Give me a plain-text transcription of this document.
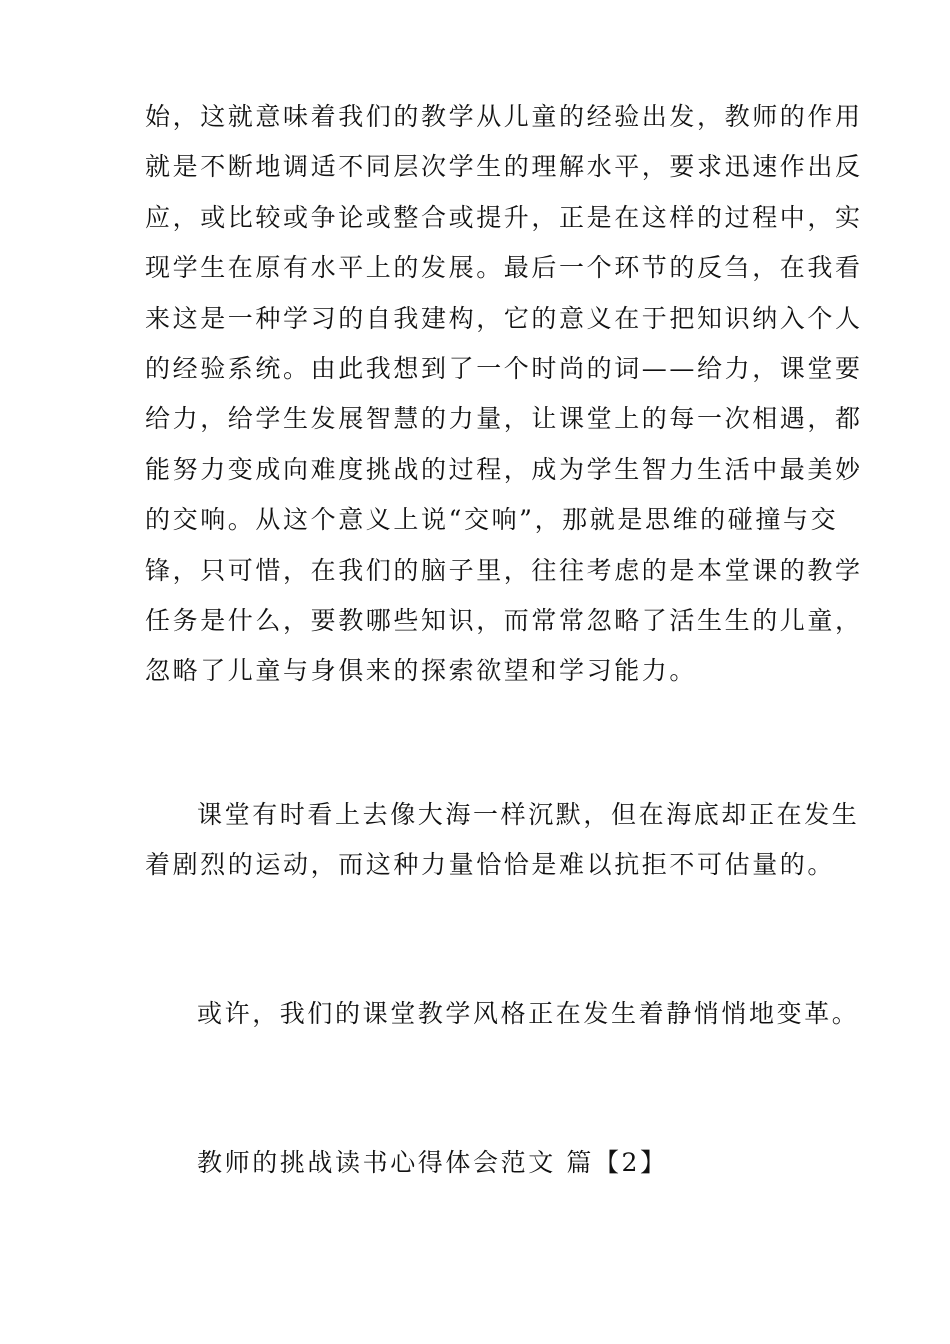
始，这就意味着我们的教学从儿童的经验出发，教师的作用
就是不断地调适不同层次学生的理解水平，要求迅速作出反
应，或比较或争论或整合或提升，正是在这样的过程中，实
现学生在原有水平上的发展。最后一个环节的反刍，在我看
来这是一种学习的自我建构，它的意义在于把知识纳入个人
的经验系统。由此我想到了一个时尚的词——给力，课堂要
给力，给学生发展智慧的力量，让课堂上的每一次相遇，都
能努力变成向难度挑战的过程，成为学生智力生活中最美妙
的交响。从这个意义上说“交响”，那就是思维的碰撞与交
锋，只可惜，在我们的脑子里，往往考虑的是本堂课的教学
任务是什么，要教哪些知识，而常常忽略了活生生的儿童，
忽略了儿童与身俱来的探索欲望和学习能力。
课堂有时看上去像大海一样沉默，但在海底却正在发生
着剧烈的运动，而这种力量恰恰是难以抗拒不可估量的。
或许，我们的课堂教学风格正在发生着静悄悄地变革。
教师的挑战读书心得体会范文 篇【2】
